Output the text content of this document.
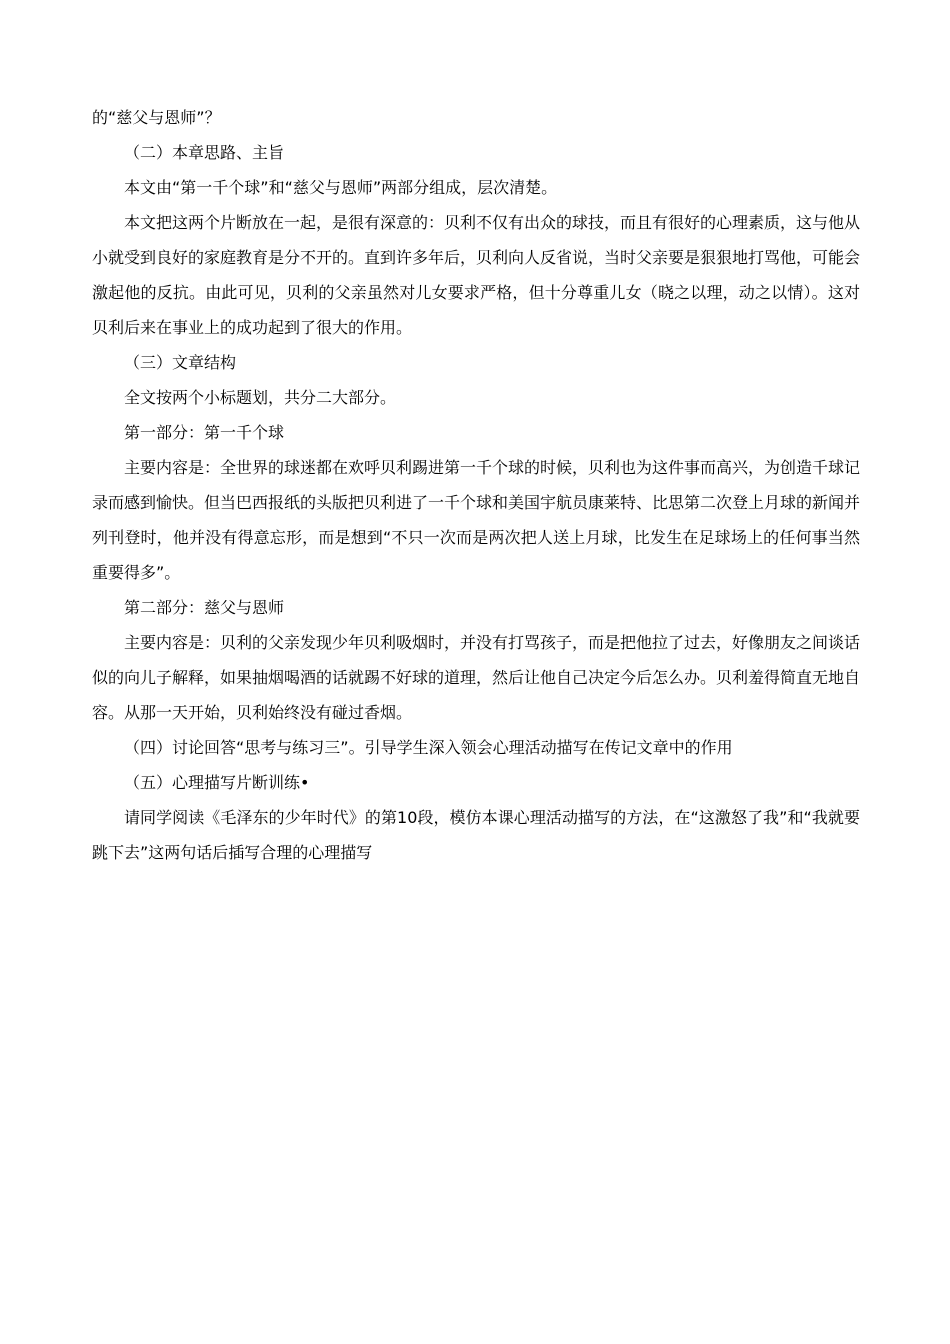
的“慈父与恩师”？

（二）本章思路、主旨

本文由“第一千个球”和“慈父与恩师”两部分组成，层次清楚。

本文把这两个片断放在一起，是很有深意的：贝利不仅有出众的球技，而且有很好的心理素质，这与他从小就受到良好的家庭教育是分不开的。直到许多年后，贝利向人反省说，当时父亲要是狠狠地打骂他，可能会激起他的反抗。由此可见，贝利的父亲虽然对儿女要求严格，但十分尊重儿女（晓之以理，动之以情）。这对贝利后来在事业上的成功起到了很大的作用。

（三）文章结构

全文按两个小标题划，共分二大部分。

第一部分：第一千个球

主要内容是：全世界的球迷都在欢呼贝利踢进第一千个球的时候，贝利也为这件事而高兴，为创造千球记录而感到愉快。但当巴西报纸的头版把贝利进了一千个球和美国宇航员康莱特、比思第二次登上月球的新闻并列刊登时，他并没有得意忘形，而是想到“不只一次而是两次把人送上月球，比发生在足球场上的任何事当然重要得多”。

第二部分：慈父与恩师

主要内容是：贝利的父亲发现少年贝利吸烟时，并没有打骂孩子，而是把他拉了过去，好像朋友之间谈话似的向儿子解释，如果抽烟喝酒的话就踢不好球的道理，然后让他自己决定今后怎么办。贝利羞得简直无地自容。从那一天开始，贝利始终没有碰过香烟。

（四）讨论回答“思考与练习三”。引导学生深入领会心理活动描写在传记文章中的作用

（五）心理描写片断训练•

请同学阅读《毛泽东的少年时代》的第10段，模仿本课心理活动描写的方法，在“这激怒了我”和“我就要跳下去”这两句话后插写合理的心理描写
